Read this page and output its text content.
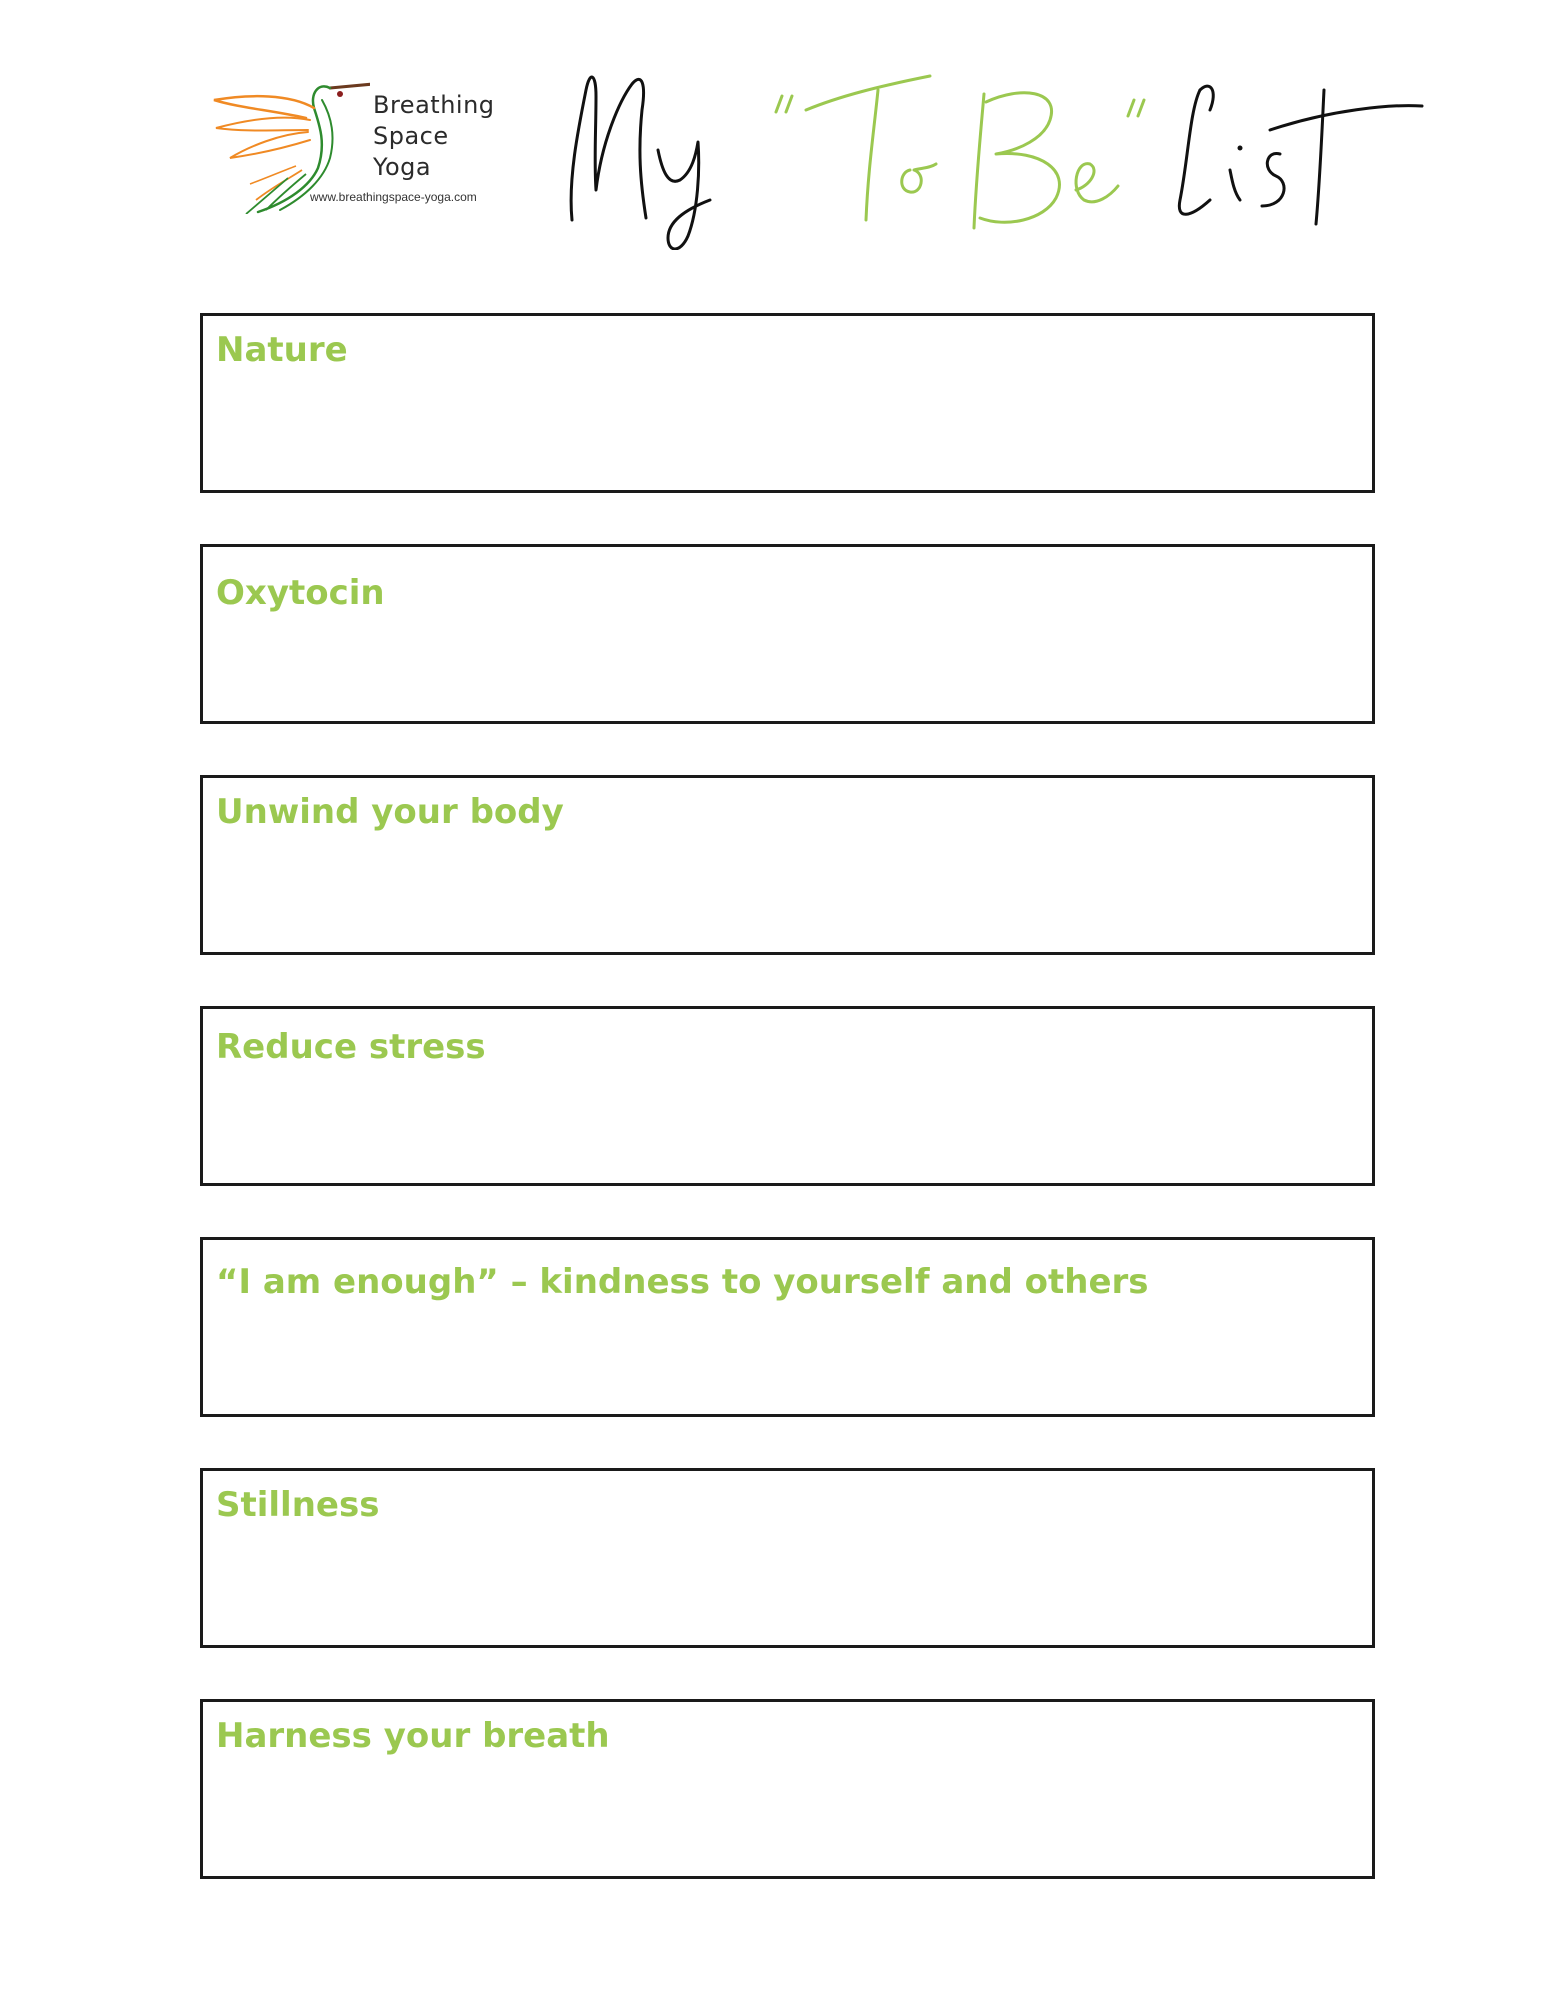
Breathing
Space
Yoga
www.breathingspace-yoga.com
Nature
Oxytocin
Unwind your body
Reduce stress
“I am enough” – kindness to yourself and others
Stillness
Harness your breath
